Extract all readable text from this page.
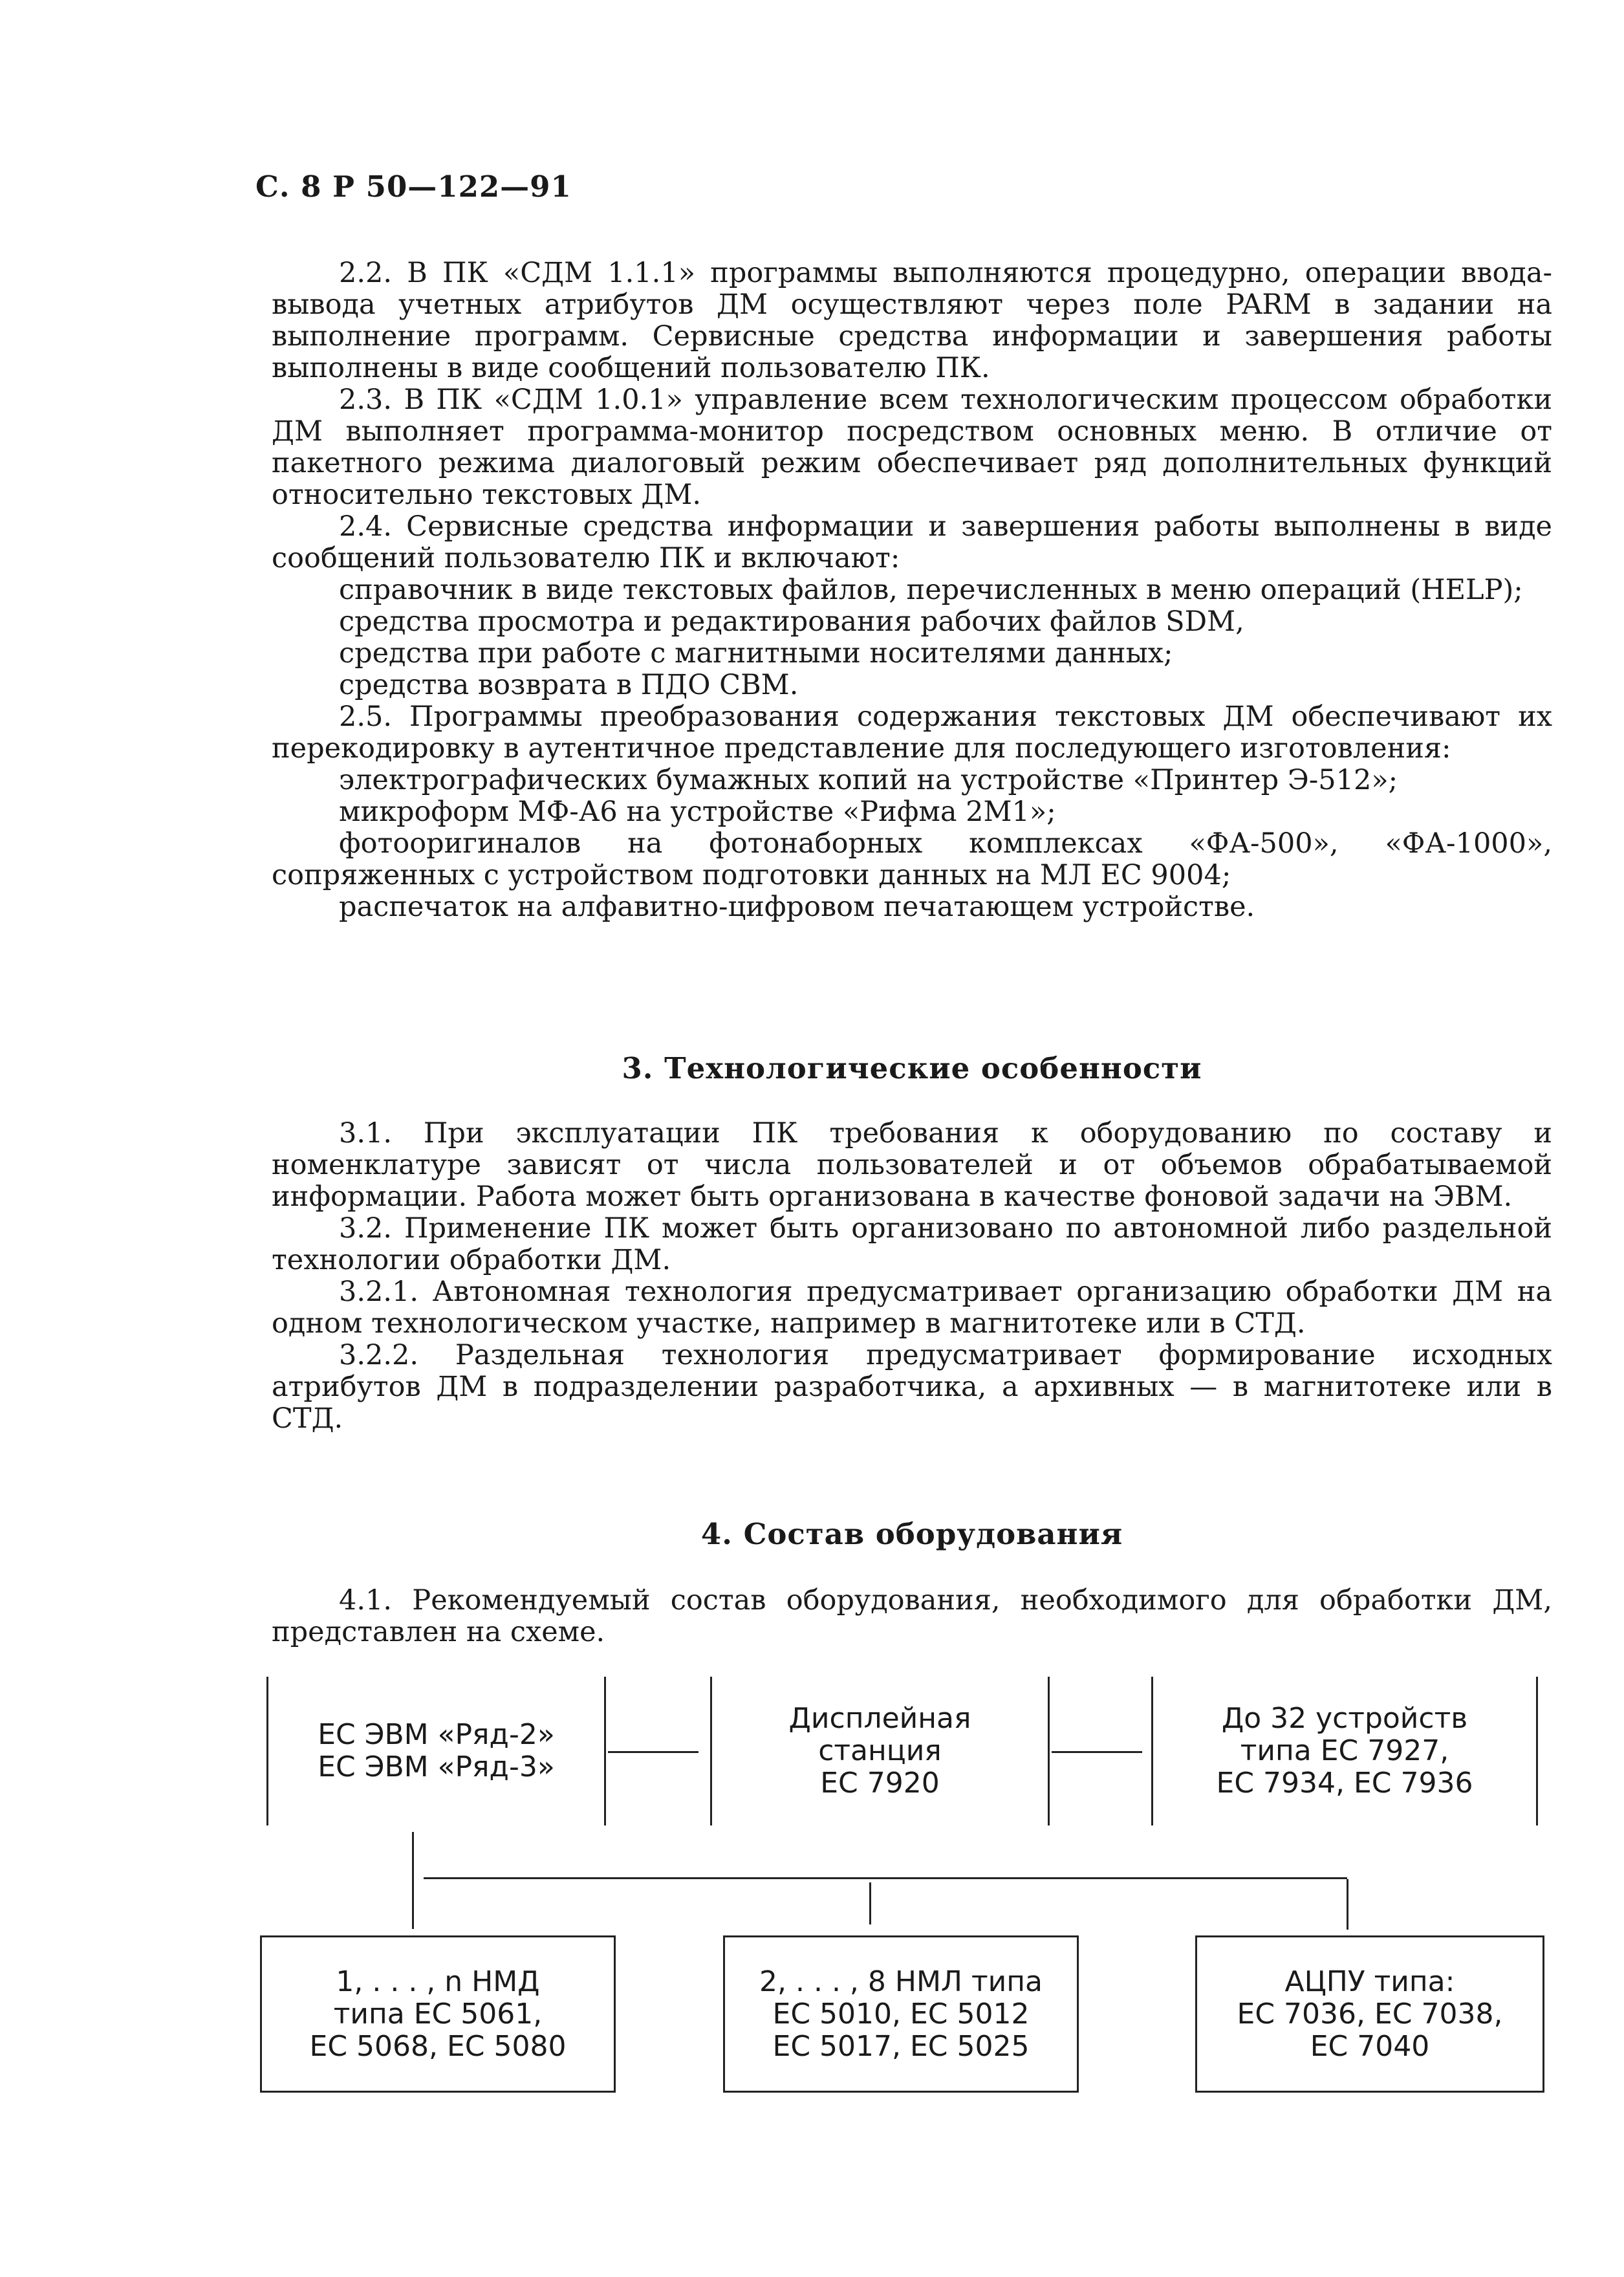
С. 8 Р 50—122—91

2.2. В ПК «СДМ 1.1.1» программы выполняются процедурно, операции ввода-вывода учетных атрибутов ДМ осуществляют через поле PARM в задании на выполнение программ. Сервисные средства информации и завершения работы выполнены в виде сообщений пользователю ПК.

2.3. В ПК «СДМ 1.0.1» управление всем технологическим процессом обработки ДМ выполняет программа-монитор посредством основных меню. В отличие от пакетного режима диалоговый режим обеспечивает ряд дополнительных функций относительно текстовых ДМ.

2.4. Сервисные средства информации и завершения работы выполнены в виде сообщений пользователю ПК и включают:

справочник в виде текстовых файлов, перечисленных в меню операций (HELP);

средства просмотра и редактирования рабочих файлов SDM,

средства при работе с магнитными носителями данных;

средства возврата в ПДО СВМ.

2.5. Программы преобразования содержания текстовых ДМ обеспечивают их перекодировку в аутентичное представление для последующего изготовления:

электрографических бумажных копий на устройстве «Принтер Э-512»;

микроформ МФ-А6 на устройстве «Рифма 2М1»;

фотооригиналов на фотонаборных комплексах «ФА-500», «ФА-1000», сопряженных с устройством подготовки данных на МЛ ЕС 9004;

распечаток на алфавитно-цифровом печатающем устройстве.

3. Технологические особенности

3.1. При эксплуатации ПК требования к оборудованию по составу и номенклатуре зависят от числа пользователей и от объемов обрабатываемой информации. Работа может быть организована в качестве фоновой задачи на ЭВМ.

3.2. Применение ПК может быть организовано по автономной либо раздельной технологии обработки ДМ.

3.2.1. Автономная технология предусматривает организацию обработки ДМ на одном технологическом участке, например в магнитотеке или в СТД.

3.2.2. Раздельная технология предусматривает формирование исходных атрибутов ДМ в подразделении разработчика, а архивных — в магнитотеке или в СТД.

4. Состав оборудования

4.1. Рекомендуемый состав оборудования, необходимого для обработки ДМ, представлен на схеме.

ЕС ЭВМ «Ряд-2»
ЕС ЭВМ «Ряд-3»
Дисплейная
станция
ЕС 7920
До 32 устройств
типа ЕС 7927,
ЕС 7934, ЕС 7936
1, . . . , n НМД
типа ЕС 5061,
ЕС 5068, ЕС 5080
2, . . . , 8 НМЛ типа
ЕС 5010, ЕС 5012
ЕС 5017, ЕС 5025
АЦПУ типа:
ЕС 7036, ЕС 7038,
ЕС 7040
